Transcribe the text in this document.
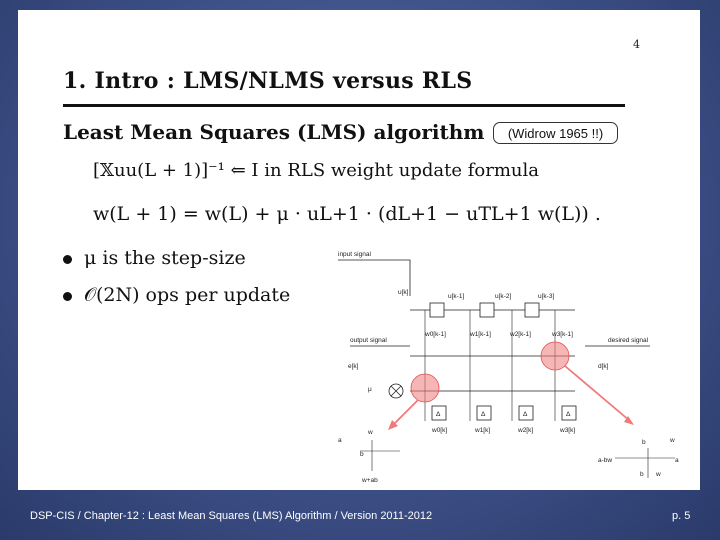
4
1. Intro : LMS/NLMS versus RLS
Least Mean Squares (LMS) algorithm	(Widrow 1965 !!)
[𝕏uu(L + 1)]⁻¹ ⇐ I in RLS weight update formula
w(L + 1) = w(L) + μ · uL+1 · (dL+1 − uTL+1 w(L)) .
μ is the step-size
𝒪(2N) ops per update
input signal
u[k]
u[k-1]	u[k-2]	u[k-3]
w0[k-1]	w1[k-1]	w2[k-1]	w3[k-1]
output signal	desired signal
e[k]	d[k]
μ
Δ	Δ	Δ	Δ
w0[k]	w1[k]	w2[k]	w3[k]
w
a
b
w+ab
b	w
a-bw	a
b w
DSP-CIS / Chapter-12 : Least Mean Squares (LMS) Algorithm / Version 2011-2012	p. 5
